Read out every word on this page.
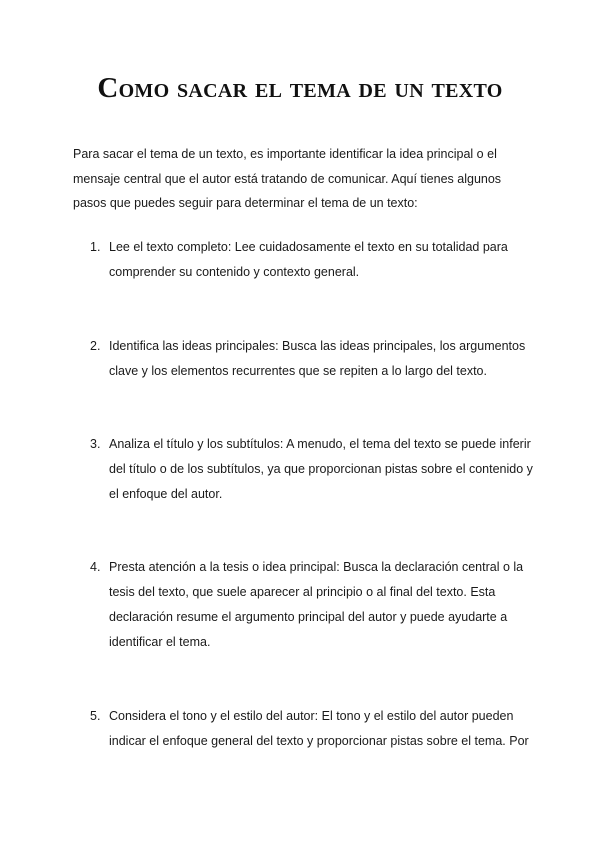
Como sacar el tema de un texto

Para sacar el tema de un texto, es importante identificar la idea principal o el mensaje central que el autor está tratando de comunicar. Aquí tienes algunos pasos que puedes seguir para determinar el tema de un texto:

1. Lee el texto completo: Lee cuidadosamente el texto en su totalidad para comprender su contenido y contexto general.
2. Identifica las ideas principales: Busca las ideas principales, los argumentos clave y los elementos recurrentes que se repiten a lo largo del texto.
3. Analiza el título y los subtítulos: A menudo, el tema del texto se puede inferir del título o de los subtítulos, ya que proporcionan pistas sobre el contenido y el enfoque del autor.
4. Presta atención a la tesis o idea principal: Busca la declaración central o la tesis del texto, que suele aparecer al principio o al final del texto. Esta declaración resume el argumento principal del autor y puede ayudarte a identificar el tema.
5. Considera el tono y el estilo del autor: El tono y el estilo del autor pueden indicar el enfoque general del texto y proporcionar pistas sobre el tema. Por
